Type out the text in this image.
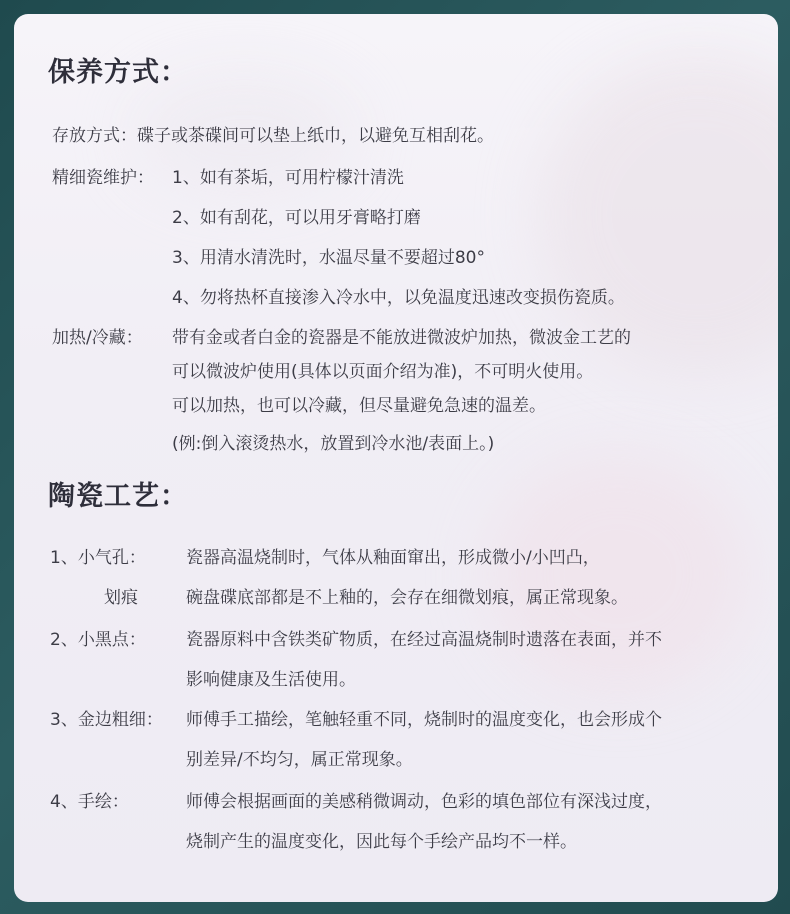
保养方式：
存放方式：碟子或茶碟间可以垫上纸巾，以避免互相刮花。
精细瓷维护： 1、如有茶垢，可用柠檬汁清洗
2、如有刮花，可以用牙膏略打磨
3、用清水清洗时，水温尽量不要超过80°
4、勿将热杯直接渗入冷水中，以免温度迅速改变损伤瓷质。
加热/冷藏： 带有金或者白金的瓷器是不能放进微波炉加热，微波金工艺的
可以微波炉使用(具体以页面介绍为准)，不可明火使用。
可以加热，也可以冷藏，但尽量避免急速的温差。
(例:倒入滚烫热水，放置到冷水池/表面上。)
陶瓷工艺：
1、小气孔： 瓷器高温烧制时，气体从釉面窜出，形成微小/小凹凸，
划痕	碗盘碟底部都是不上釉的，会存在细微划痕，属正常现象。
2、小黑点： 瓷器原料中含铁类矿物质，在经过高温烧制时遗落在表面，并不
影响健康及生活使用。
3、金边粗细： 师傅手工描绘，笔触轻重不同，烧制时的温度变化，也会形成个
别差异/不均匀，属正常现象。
4、手绘：	师傅会根据画面的美感稍微调动，色彩的填色部位有深浅过度，
烧制产生的温度变化，因此每个手绘产品均不一样。
